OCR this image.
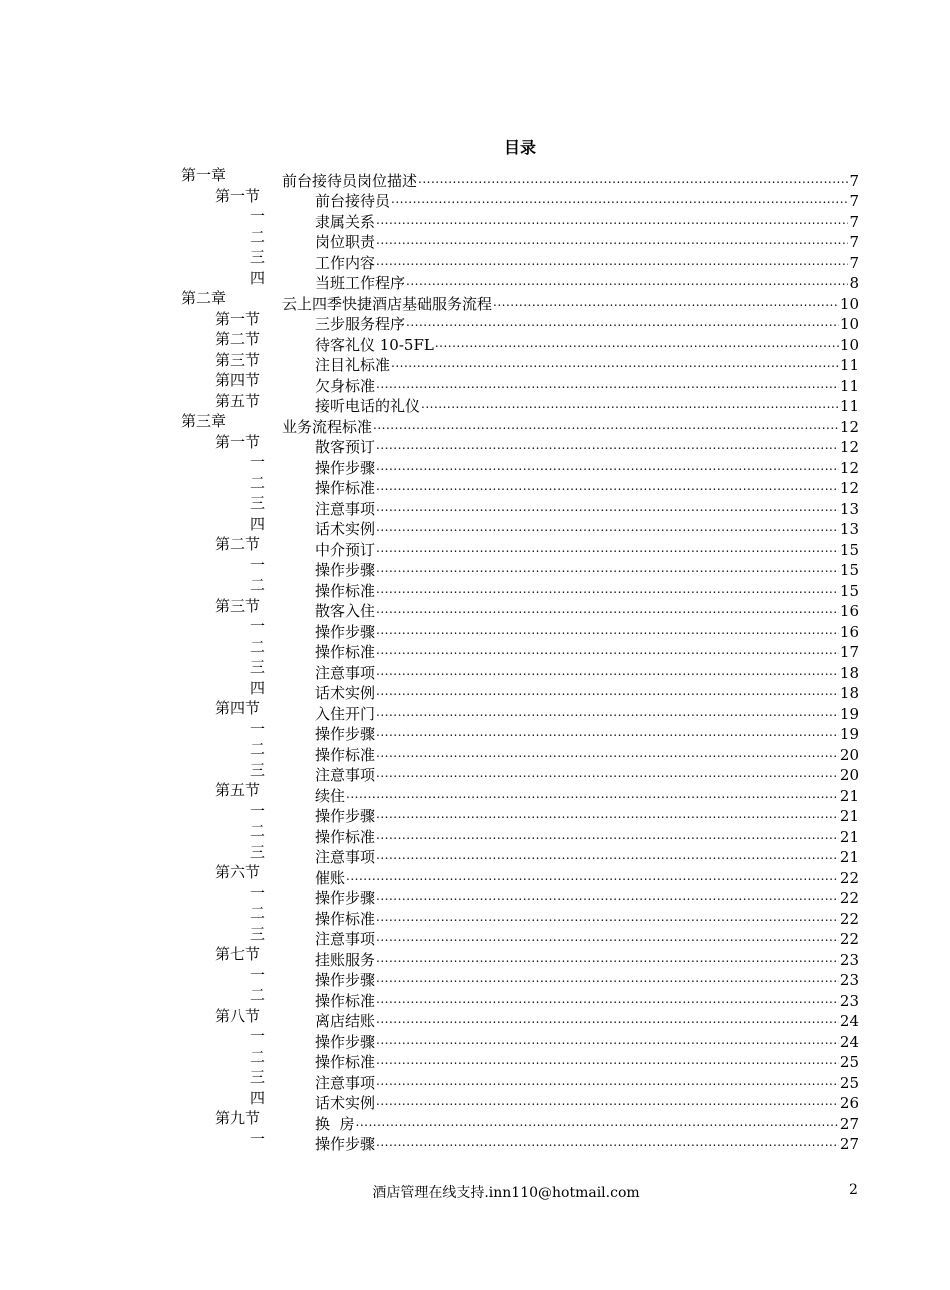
目录
第一章	前台接待员岗位描述 .....	7
第一节	前台接待员 .....	7
一	隶属关系 .....	7
二	岗位职责 .....	7
三	工作内容 .....	7
四	当班工作程序 .....	8
第二章	云上四季快捷酒店基础服务流程 .....	10
第一节	三步服务程序 .....	10
第二节	待客礼仪 10-5FL .....	10
第三节	注目礼标准 .....	11
第四节	欠身标准 .....	11
第五节	接听电话的礼仪 .....	11
第三章	业务流程标准 .....	12
第一节	散客预订 .....	12
一	操作步骤 .....	12
二	操作标准 .....	12
三	注意事项 .....	13
四	话术实例 .....	13
第二节	中介预订 .....	15
一	操作步骤 .....	15
二	操作标准 .....	15
第三节	散客入住 .....	16
一	操作步骤 .....	16
二	操作标准 .....	17
三	注意事项 .....	18
四	话术实例 .....	18
第四节	入住开门 .....	19
一	操作步骤 .....	19
二	操作标准 .....	20
三	注意事项 .....	20
第五节	续住 .....	21
一	操作步骤 .....	21
二	操作标准 .....	21
三	注意事项 .....	21
第六节	催账 .....	22
一	操作步骤 .....	22
二	操作标准 .....	22
三	注意事项 .....	22
第七节	挂账服务 .....	23
一	操作步骤 .....	23
二	操作标准 .....	23
第八节	离店结账 .....	24
一	操作步骤 .....	24
二	操作标准 .....	25
三	注意事项 .....	25
四	话术实例 .....	26
第九节	换  房 .....	27
一	操作步骤 .....	27
酒店管理在线支持.inn110@hotmail.com	2
